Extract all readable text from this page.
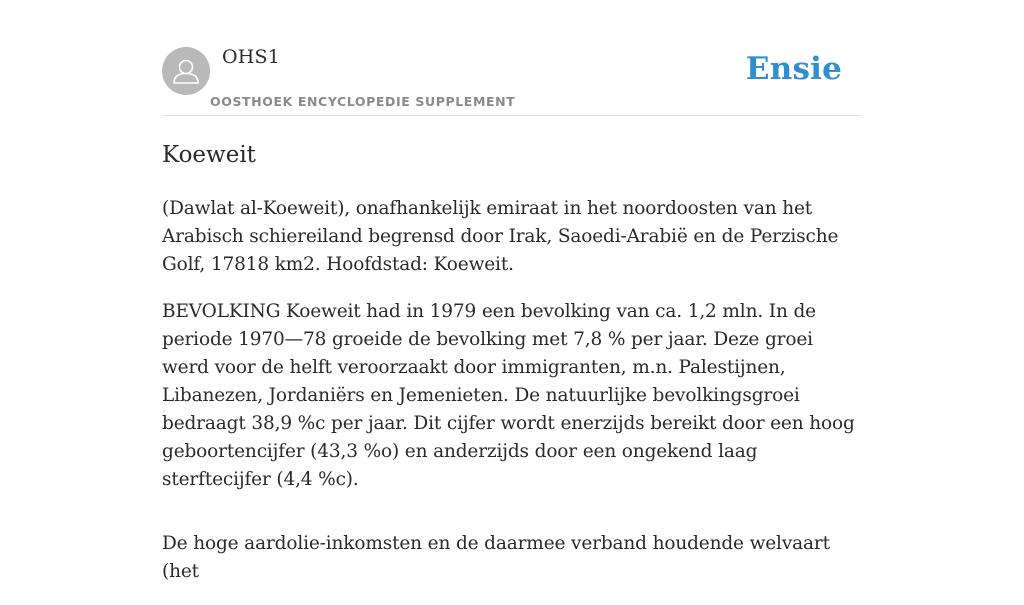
OHS1
OOSTHOEK ENCYCLOPEDIE SUPPLEMENT
Ensie
Koeweit

(Dawlat al-Koeweit), onafhankelijk emiraat in het noordoosten van het Arabisch schiereiland begrensd door Irak, Saoedi-Arabië en de Perzische Golf, 17818 km2. Hoofdstad: Koeweit.

BEVOLKING Koeweit had in 1979 een bevolking van ca. 1,2 mln. In de periode 1970—78 groeide de bevolking met 7,8 % per jaar. Deze groei werd voor de helft veroorzaakt door immigranten, m.n. Palestijnen, Libanezen, Jordaniërs en Jemenieten. De natuurlijke bevolkingsgroei bedraagt 38,9 %c per jaar. Dit cijfer wordt enerzijds bereikt door een hoog geboortencijfer (43,3 %o) en anderzijds door een ongekend laag sterftecijfer (4,4 %c).

De hoge aardolie-inkomsten en de daarmee verband houdende welvaart (het
